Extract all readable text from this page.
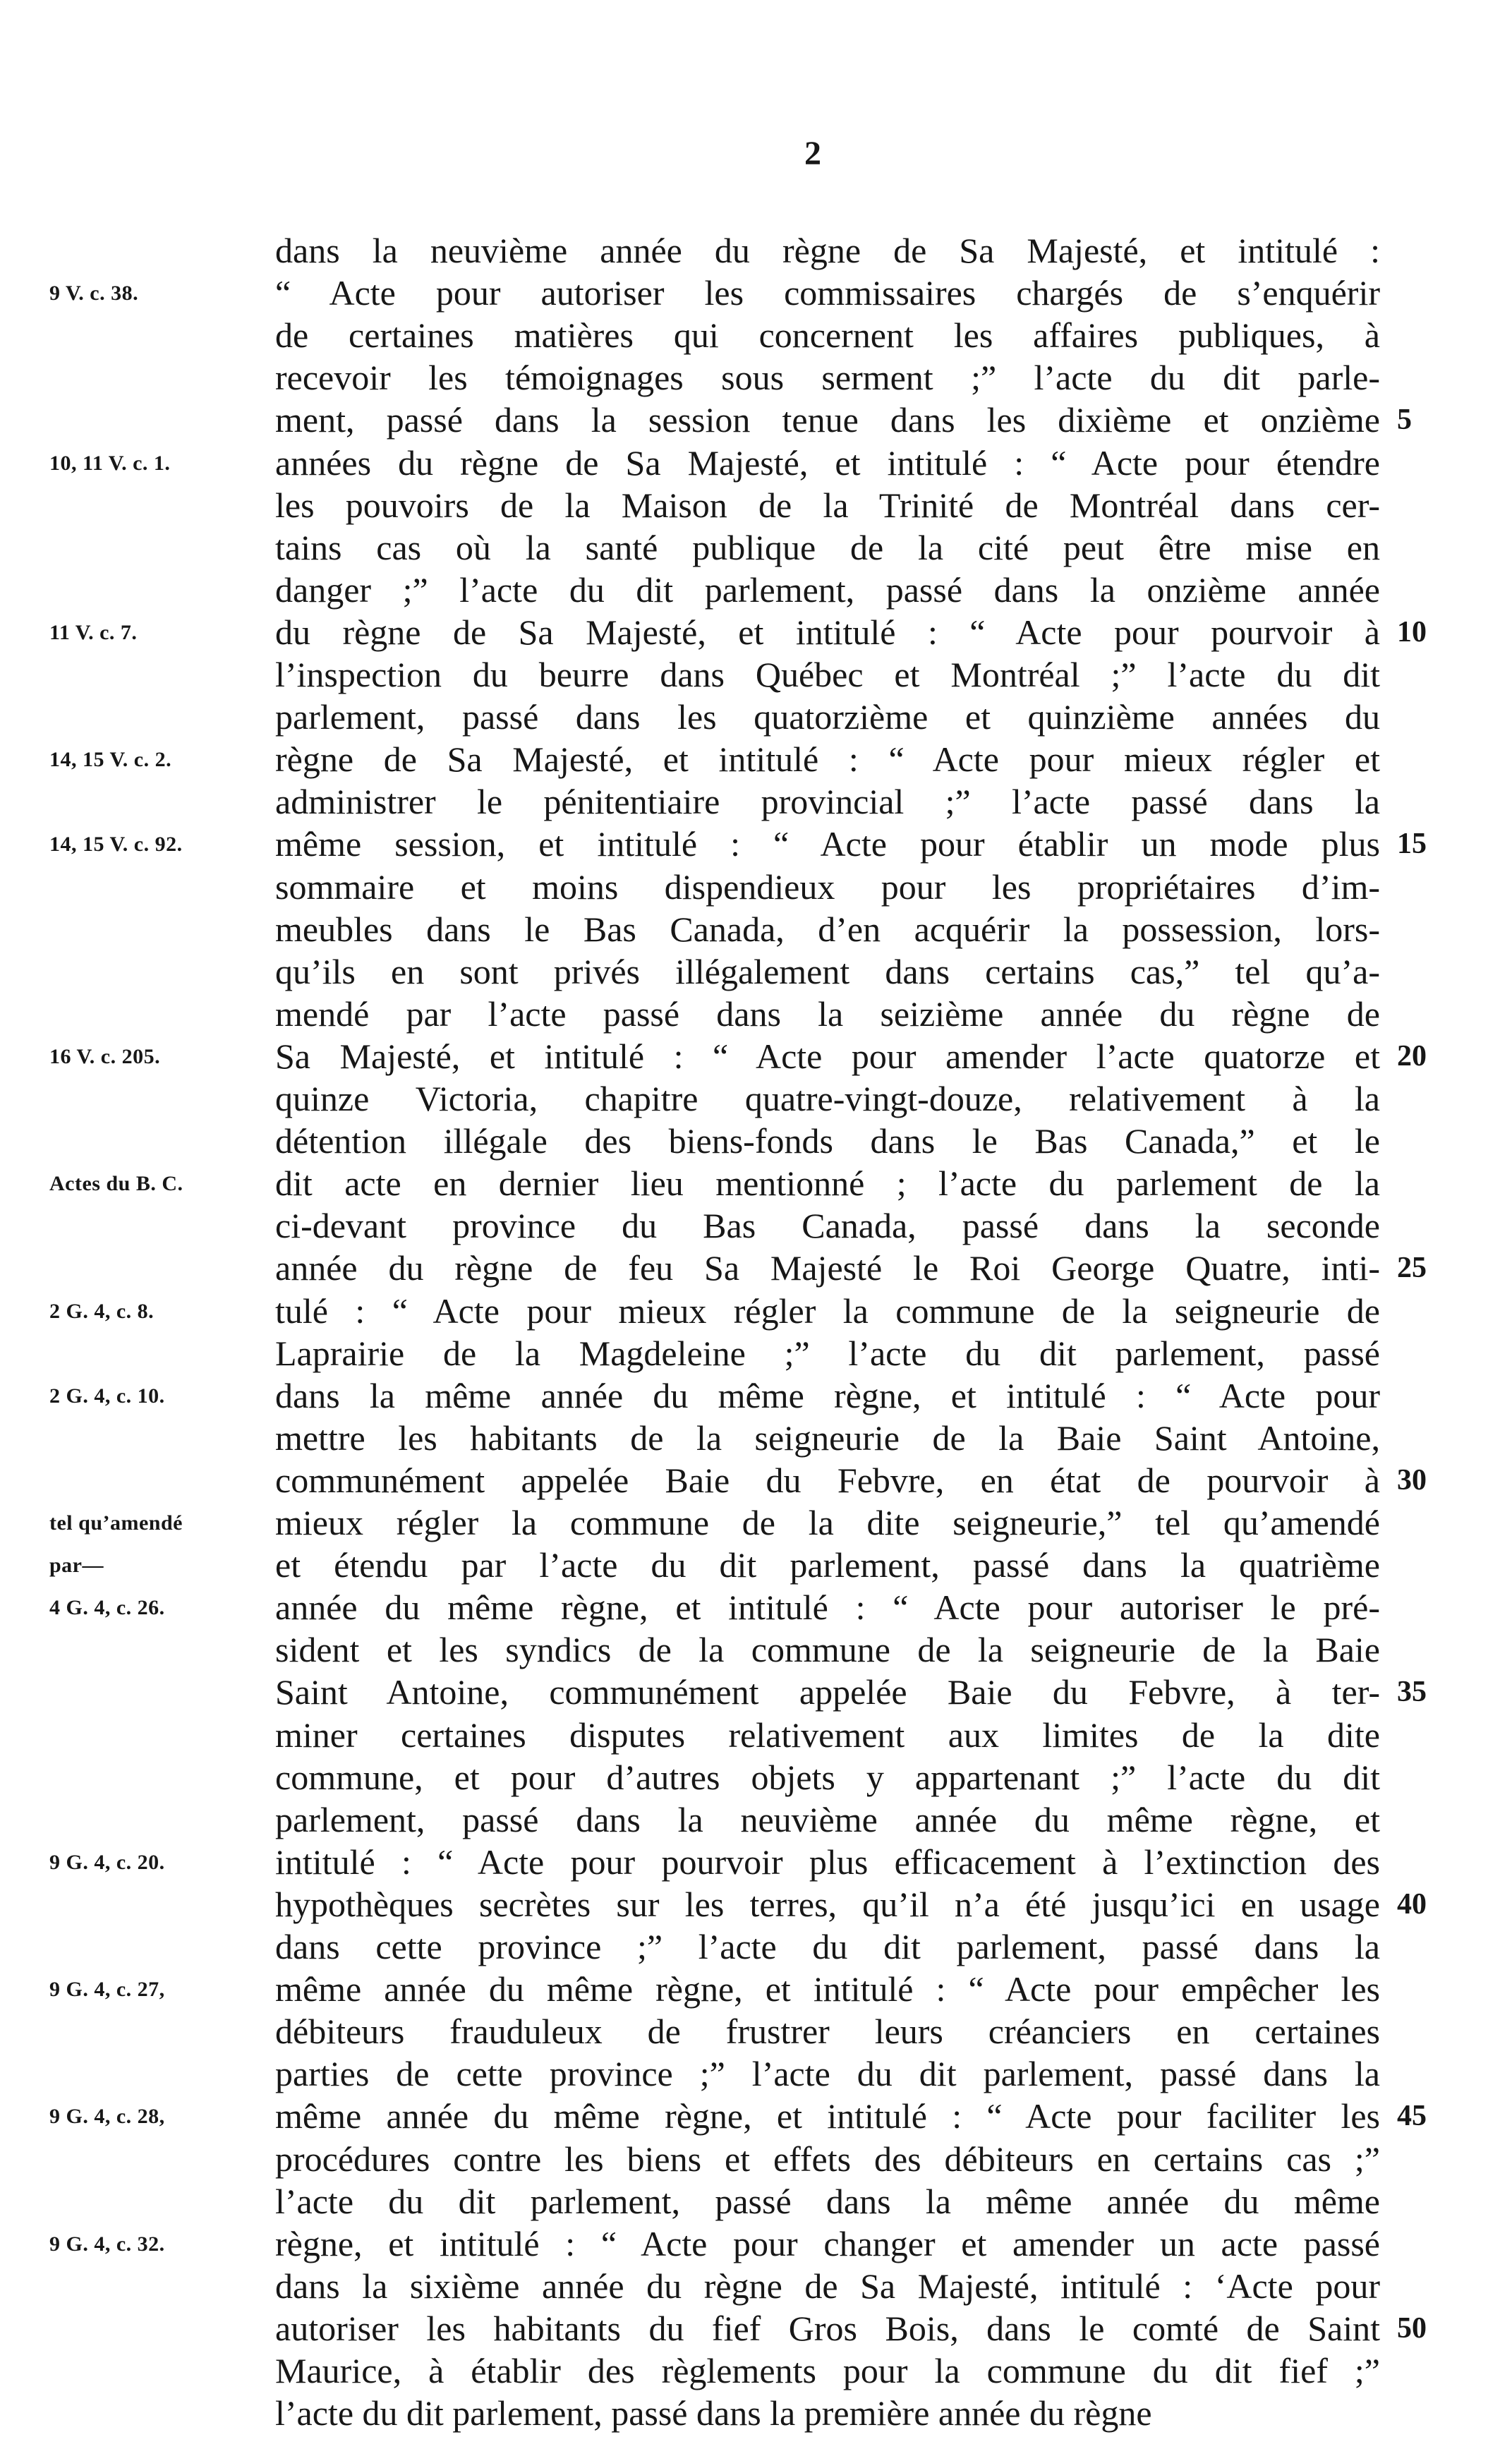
2
dans la neuvième année du règne de Sa Majesté, et intitulé :
“ Acte pour autoriser les commissaires chargés de s’enquérir
de certaines matières qui concernent les affaires publiques, à
recevoir les témoignages sous serment ;” l’acte du dit parle-
ment, passé dans la session tenue dans les dixième et onzième
années du règne de Sa Majesté, et intitulé : “ Acte pour étendre
les pouvoirs de la Maison de la Trinité de Montréal dans cer-
tains cas où la santé publique de la cité peut être mise en
danger ;” l’acte du dit parlement, passé dans la onzième année
du règne de Sa Majesté, et intitulé : “ Acte pour pourvoir à
l’inspection du beurre dans Québec et Montréal ;” l’acte du dit
parlement, passé dans les quatorzième et quinzième années du
règne de Sa Majesté, et intitulé : “ Acte pour mieux régler et
administrer le pénitentiaire provincial ;” l’acte passé dans la
même session, et intitulé : “ Acte pour établir un mode plus
sommaire et moins dispendieux pour les propriétaires d’im-
meubles dans le Bas Canada, d’en acquérir la possession, lors-
qu’ils en sont privés illégalement dans certains cas,” tel qu’a-
mendé par l’acte passé dans la seizième année du règne de
Sa Majesté, et intitulé : “ Acte pour amender l’acte quatorze et
quinze Victoria, chapitre quatre-vingt-douze, relativement à la
détention illégale des biens-fonds dans le Bas Canada,” et le
dit acte en dernier lieu mentionné ; l’acte du parlement de la
ci-devant province du Bas Canada, passé dans la seconde
année du règne de feu Sa Majesté le Roi George Quatre, inti-
tulé : “ Acte pour mieux régler la commune de la seigneurie de
Laprairie de la Magdeleine ;” l’acte du dit parlement, passé
dans la même année du même règne, et intitulé : “ Acte pour
mettre les habitants de la seigneurie de la Baie Saint Antoine,
communément appelée Baie du Febvre, en état de pourvoir à
mieux régler la commune de la dite seigneurie,” tel qu’amendé
et étendu par l’acte du dit parlement, passé dans la quatrième
année du même règne, et intitulé : “ Acte pour autoriser le pré-
sident et les syndics de la commune de la seigneurie de la Baie
Saint Antoine, communément appelée Baie du Febvre, à ter-
miner certaines disputes relativement aux limites de la dite
commune, et pour d’autres objets y appartenant ;” l’acte du dit
parlement, passé dans la neuvième année du même règne, et
intitulé : “ Acte pour pourvoir plus efficacement à l’extinction des
hypothèques secrètes sur les terres, qu’il n’a été jusqu’ici en usage
dans cette province ;” l’acte du dit parlement, passé dans la
même année du même règne, et intitulé : “ Acte pour empêcher les
débiteurs frauduleux de frustrer leurs créanciers en certaines
parties de cette province ;” l’acte du dit parlement, passé dans la
même année du même règne, et intitulé : “ Acte pour faciliter les
procédures contre les biens et effets des débiteurs en certains cas ;”
l’acte du dit parlement, passé dans la même année du même
règne, et intitulé : “ Acte pour changer et amender un acte passé
dans la sixième année du règne de Sa Majesté, intitulé : ‘Acte pour
autoriser les habitants du fief Gros Bois, dans le comté de Saint
Maurice, à établir des règlements pour la commune du dit fief ;”
l’acte du dit parlement, passé dans la première année du règne
9 V. c. 38.
10, 11 V. c. 1.
11 V. c. 7.
14, 15 V. c. 2.
14, 15 V. c. 92.
16 V. c. 205.
Actes du B. C.
2 G. 4, c. 8.
2 G. 4, c. 10.
tel qu’amendé
par—
4 G. 4, c. 26.
9 G. 4, c. 20.
9 G. 4, c. 27,
9 G. 4, c. 28,
9 G. 4, c. 32.
5
10
15
20
25
30
35
40
45
50
